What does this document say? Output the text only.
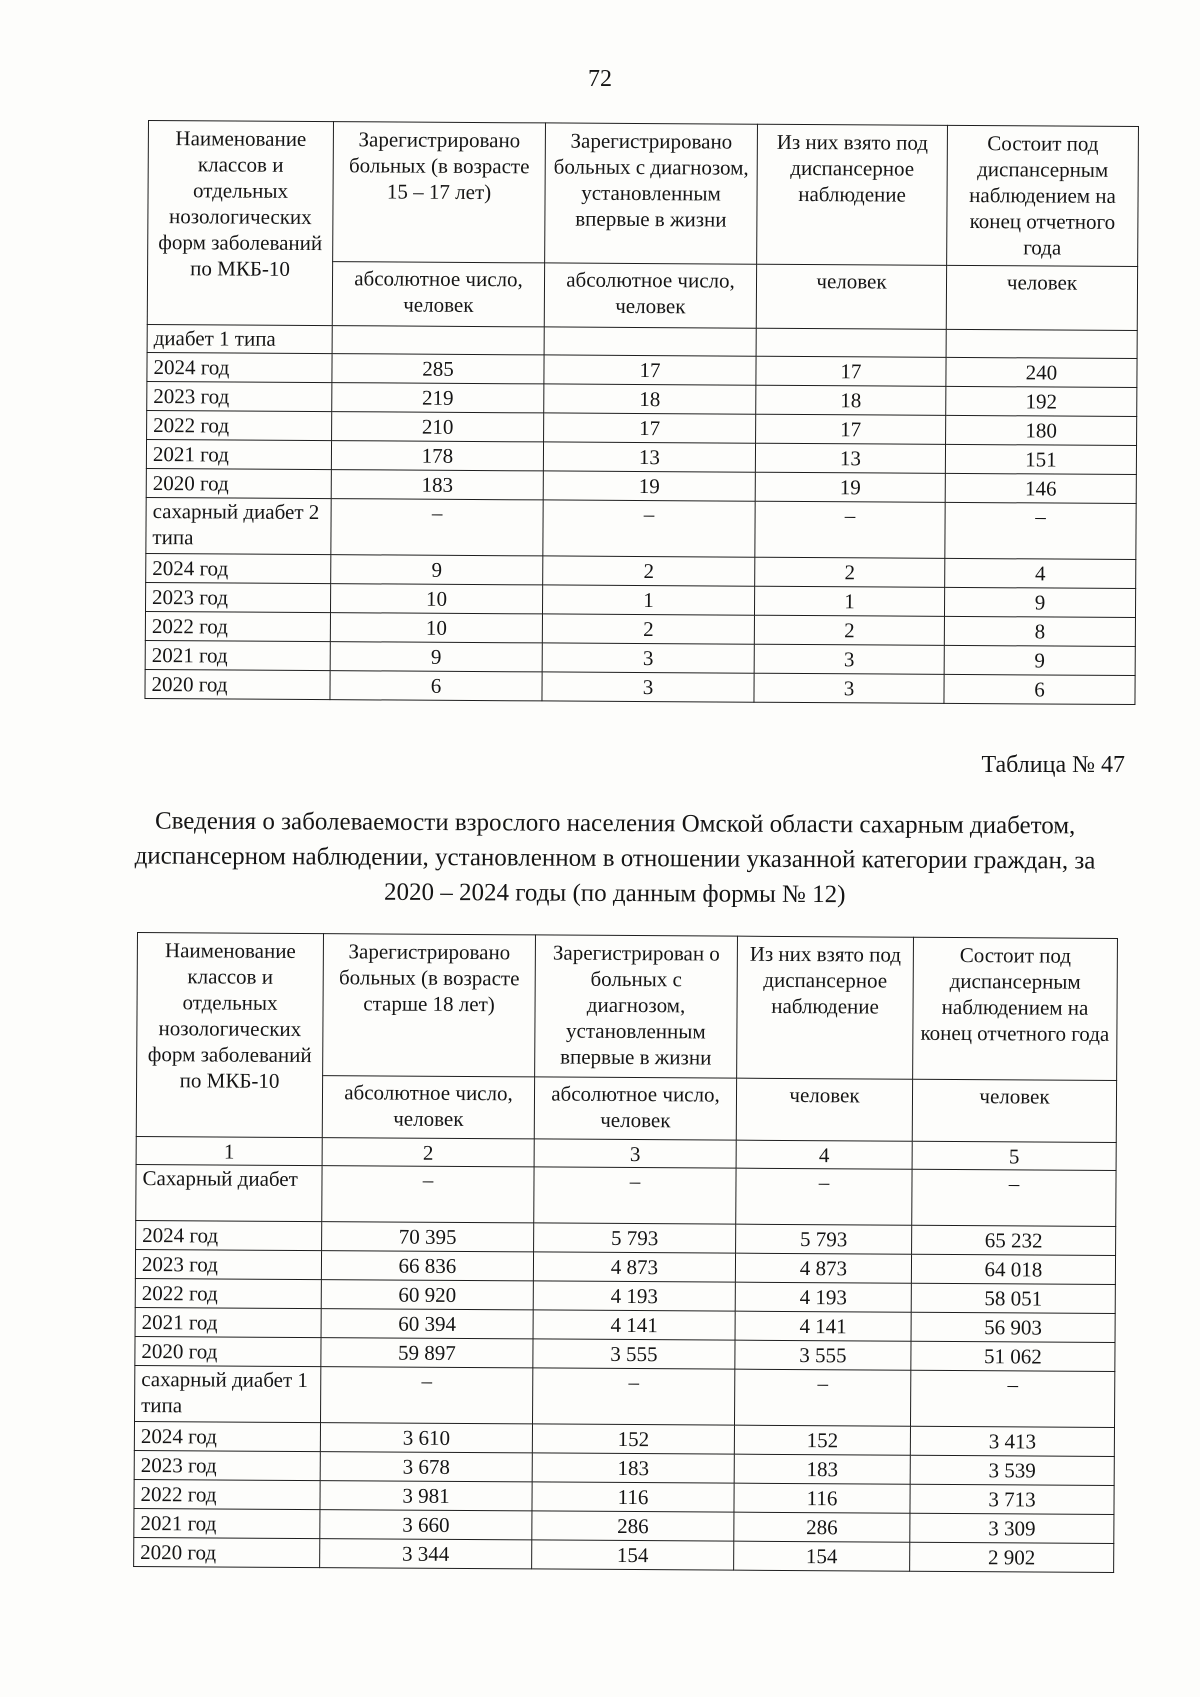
72
Наименование классов и отдельных нозологических форм заболеваний по МКБ-10	Зарегистрировано больных (в возрасте 15 – 17 лет)	Зарегистрировано больных с диагнозом, установленным впервые в жизни	Из них взято под диспансерное наблюдение	Состоит под диспансерным наблюдением на конец отчетного года
	абсолютное число, человек	абсолютное число, человек	человек	человек
диабет 1 типа				
2024 год	285	17	17	240
2023 год	219	18	18	192
2022 год	210	17	17	180
2021 год	178	13	13	151
2020 год	183	19	19	146
сахарный диабет 2 типа	–	–	–	–
2024 год	9	2	2	4
2023 год	10	1	1	9
2022 год	10	2	2	8
2021 год	9	3	3	9
2020 год	6	3	3	6
Таблица № 47
Сведения о заболеваемости взрослого населения Омской области сахарным диабетом, диспансерном наблюдении, установленном в отношении указанной категории граждан, за 2020 – 2024 годы (по данным формы № 12)
Наименование классов и отдельных нозологических форм заболеваний по МКБ-10	Зарегистрировано больных (в возрасте старше 18 лет)	Зарегистрирован о больных с диагнозом, установленным впервые в жизни	Из них взято под диспансерное наблюдение	Состоит под диспансерным наблюдением на конец отчетного года
	абсолютное число, человек	абсолютное число, человек	человек	человек
1	2	3	4	5
Сахарный диабет	–	–	–	–
2024 год	70 395	5 793	5 793	65 232
2023 год	66 836	4 873	4 873	64 018
2022 год	60 920	4 193	4 193	58 051
2021 год	60 394	4 141	4 141	56 903
2020 год	59 897	3 555	3 555	51 062
сахарный диабет 1 типа	–	–	–	–
2024 год	3 610	152	152	3 413
2023 год	3 678	183	183	3 539
2022 год	3 981	116	116	3 713
2021 год	3 660	286	286	3 309
2020 год	3 344	154	154	2 902
